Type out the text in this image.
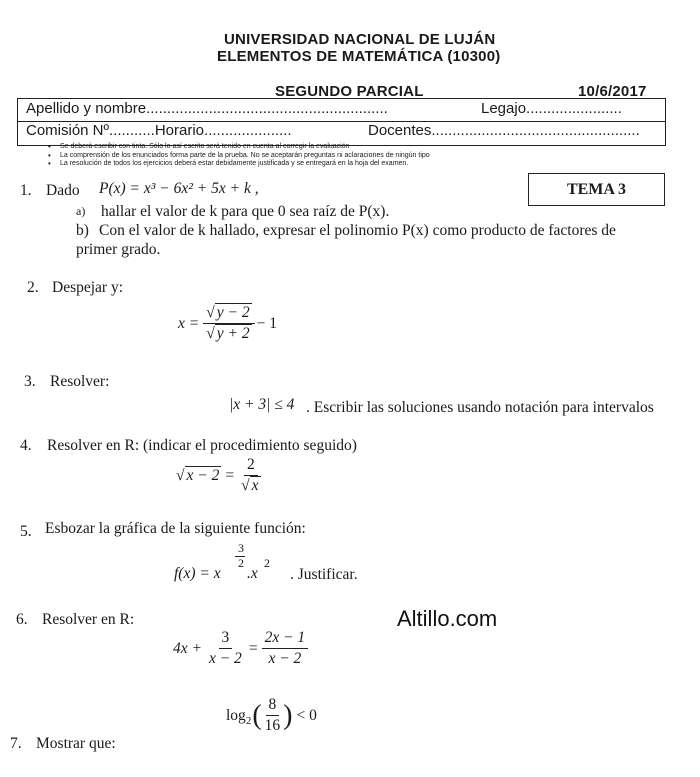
UNIVERSIDAD NACIONAL DE LUJÁN
ELEMENTOS DE MATEMÁTICA (10300)
SEGUNDO PARCIAL	10/6/2017
Apellido y nombre..........................................................	Legajo.......................
Comisión Nº...........Horario.....................	Docentes..................................................
• Se deberá escribir con tinta. Sólo lo así escrito será tenido en cuenta al corregir la evaluación
• La comprensión de los enunciados forma parte de la prueba. No se aceptarán preguntas ni aclaraciones de ningún tipo
• La resolución de todos los ejercicios deberá estar debidamente justificada y se entregará en la hoja del examen.
TEMA 3
1. Dado P(x) = x³ − 6x² + 5x + k ,
a) hallar el valor de k para que 0 sea raíz de P(x).
b) Con el valor de k hallado, expresar el polinomio P(x) como producto de factores de
primer grado.
2. Despejar y:
$x = \frac{√ y - 2}{√ y + 2} - 1$
3. Resolver:
|x + 3| ≤ 4 . Escribir las soluciones usando notación para intervalos
4. Resolver en R: (indicar el procedimiento seguido)
√ $x - 2 = \frac{2}{√ x}$
5. Esbozar la gráfica de la siguiente función:
f(x) = x
3
2
.x
2
. Justificar.
6. Resolver en R:
$4x + \frac{3}{x - 2} = \frac{2x - 1}{x - 2}$
$\log_2$ ( $\frac{8}{16}$ ) < 0
7. Mostrar que:
Altillo.com
